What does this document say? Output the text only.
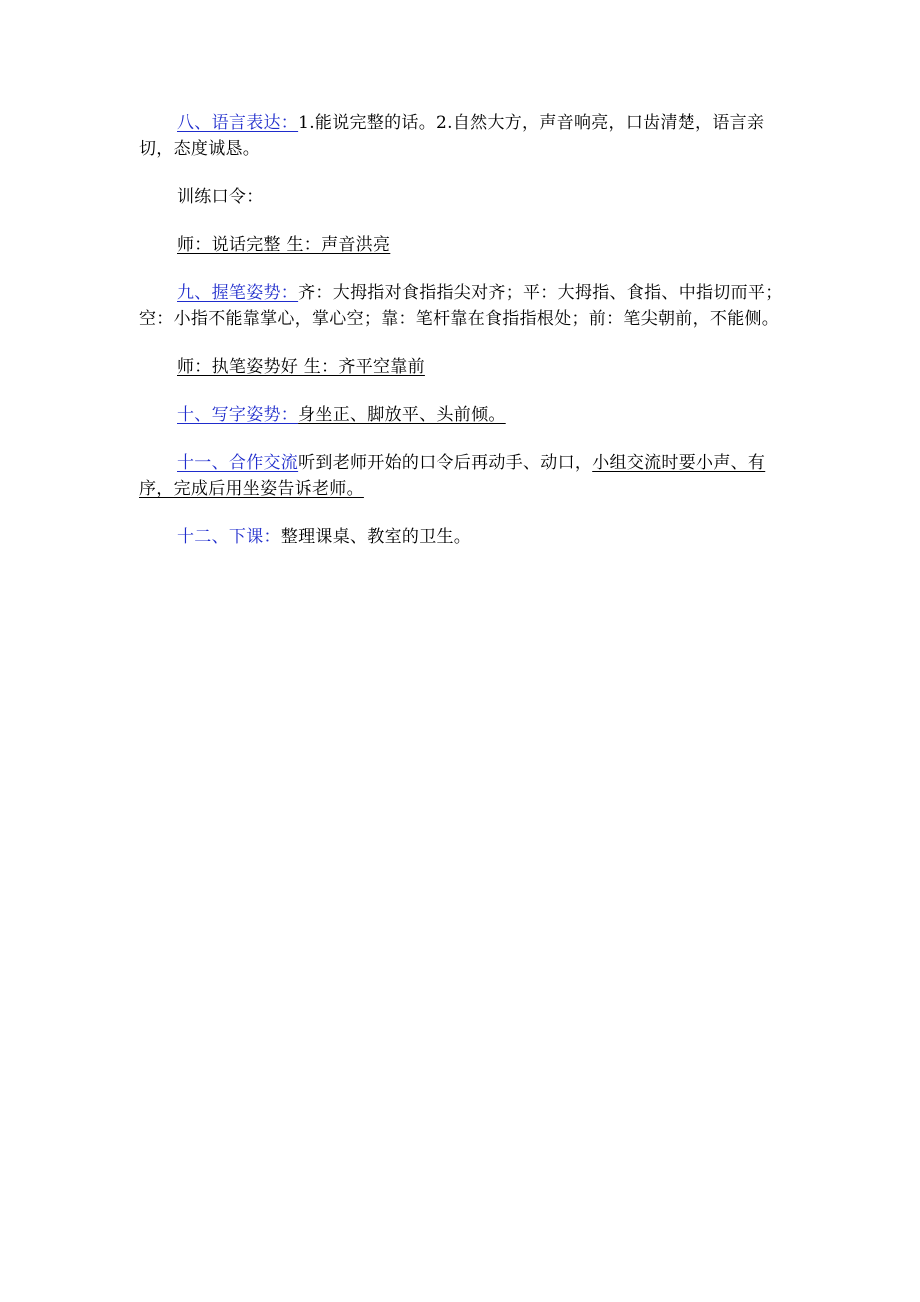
八、语言表达：1.能说完整的话。2.自然大方，声音响亮，口齿清楚，语言亲切，态度诚恳。

训练口令：

师：说话完整 生：声音洪亮

九、握笔姿势：齐：大拇指对食指指尖对齐；平：大拇指、食指、中指切而平；空：小指不能靠掌心，掌心空；靠：笔杆靠在食指指根处；前：笔尖朝前，不能侧。

师：执笔姿势好 生：齐平空靠前

十、写字姿势：身坐正、脚放平、头前倾。

十一、合作交流听到老师开始的口令后再动手、动口，小组交流时要小声、有序，完成后用坐姿告诉老师。

十二、下课：整理课桌、教室的卫生。
